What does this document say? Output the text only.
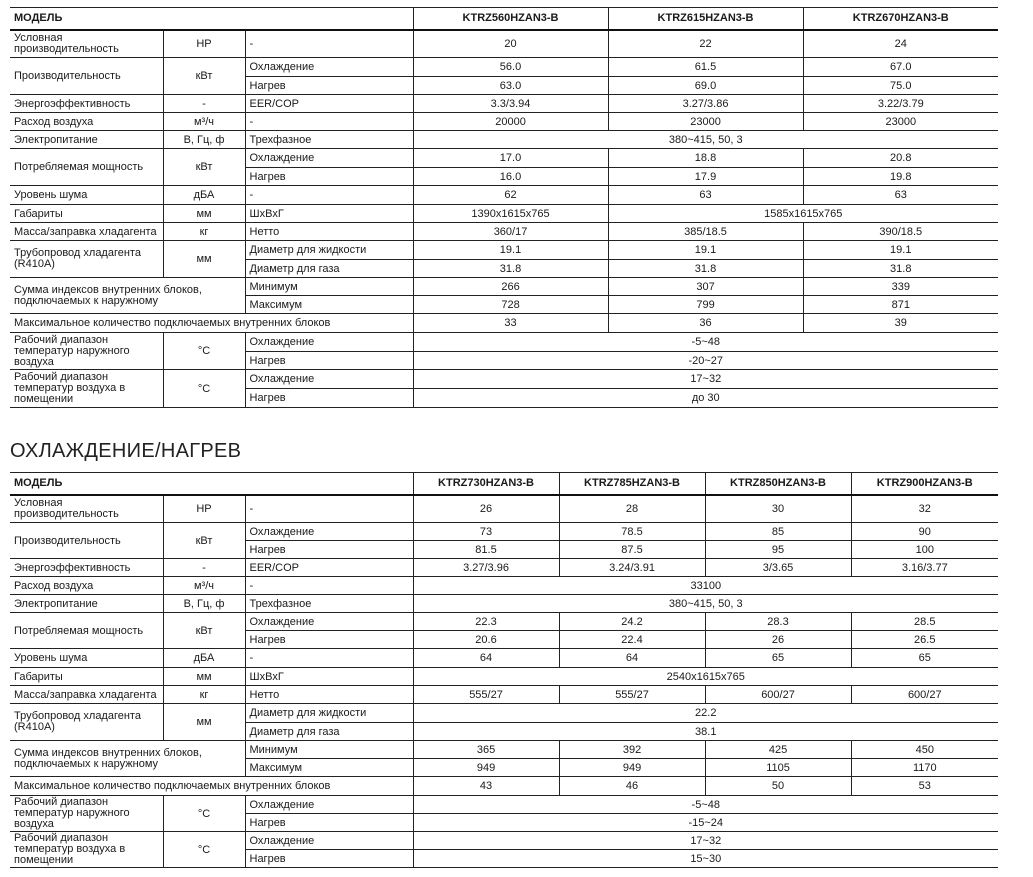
МОДЕЛЬ			KTRZ560HZAN3-B	KTRZ615HZAN3-B	KTRZ670HZAN3-B
Условная производительность	HP	-	20	22	24
Производительность	кВт	Охлаждение	56.0	61.5	67.0
		Нагрев	63.0	69.0	75.0
Энергоэффективность	-	EER/COP	3.3/3.94	3.27/3.86	3.22/3.79
Расход воздуха	м³/ч	-	20000	23000	23000
Электропитание	В, Гц, ф	Трехфазное	380~415, 50, 3		
Потребляемая мощность	кВт	Охлаждение	17.0	18.8	20.8
		Нагрев	16.0	17.9	19.8
Уровень шума	дБА	-	62	63	63
Габариты	мм	ШxВxГ	1390x1615x765	1585x1615x765	
Масса/заправка хладагента	кг	Нетто	360/17	385/18.5	390/18.5
Трубопровод хладагента (R410A)	мм	Диаметр для жидкости	19.1	19.1	19.1
		Диаметр для газа	31.8	31.8	31.8
Сумма индексов внутренних блоков, подключаемых к наружному		Минимум	266	307	339
		Максимум	728	799	871
Максимальное количество подключаемых внутренних блоков			33	36	39
Рабочий диапазон температур наружного воздуха	°C	Охлаждение	-5~48		
		Нагрев	-20~27		
Рабочий диапазон температур воздуха в помещении	°C	Охлаждение	17~32		
		Нагрев	до 30		
ОХЛАЖДЕНИЕ/НАГРЕВ
МОДЕЛЬ			KTRZ730HZAN3-B	KTRZ785HZAN3-B	KTRZ850HZAN3-B	KTRZ900HZAN3-B
Условная производительность	HP	-	26	28	30	32
Производительность	кВт	Охлаждение	73	78.5	85	90
		Нагрев	81.5	87.5	95	100
Энергоэффективность	-	EER/COP	3.27/3.96	3.24/3.91	3/3.65	3.16/3.77
Расход воздуха	м³/ч	-	33100			
Электропитание	В, Гц, ф	Трехфазное	380~415, 50, 3			
Потребляемая мощность	кВт	Охлаждение	22.3	24.2	28.3	28.5
		Нагрев	20.6	22.4	26	26.5
Уровень шума	дБА	-	64	64	65	65
Габариты	мм	ШxВxГ	2540x1615x765			
Масса/заправка хладагента	кг	Нетто	555/27	555/27	600/27	600/27
Трубопровод хладагента (R410A)	мм	Диаметр для жидкости	22.2			
		Диаметр для газа	38.1			
Сумма индексов внутренних блоков, подключаемых к наружному		Минимум	365	392	425	450
		Максимум	949	949	1105	1170
Максимальное количество подключаемых внутренних блоков			43	46	50	53
Рабочий диапазон температур наружного воздуха	°C	Охлаждение	-5~48			
		Нагрев	-15~24			
Рабочий диапазон температур воздуха в помещении	°C	Охлаждение	17~32			
		Нагрев	15~30			
